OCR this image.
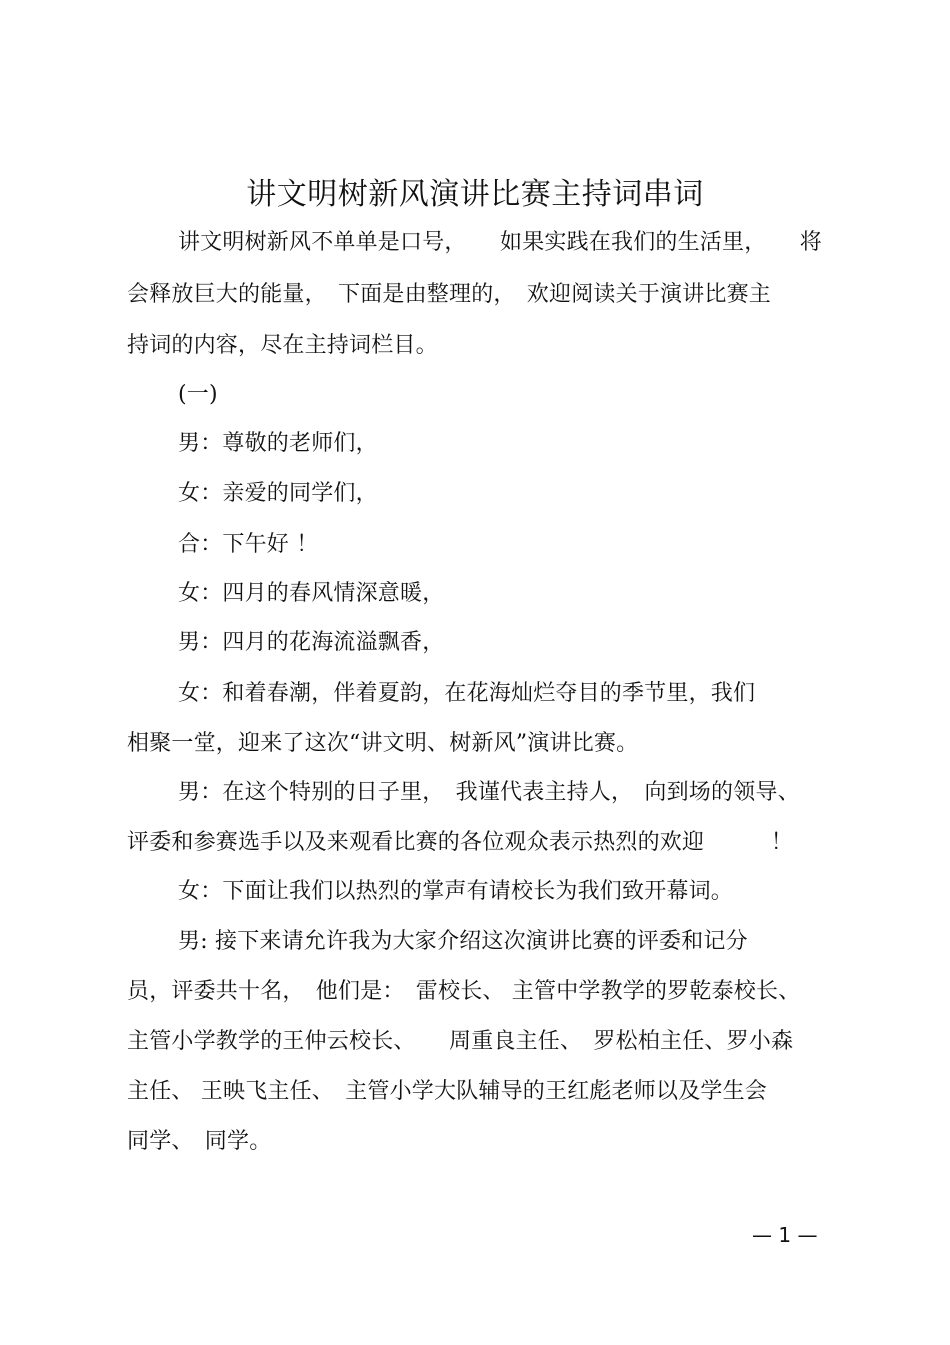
讲文明树新风演讲比赛主持词串词
讲文明树新风不单单是口号，　　如果实践在我们的生活里，　　将
会释放巨大的能量，　下面是由整理的，　欢迎阅读关于演讲比赛主
持词的内容，尽在主持词栏目。
(一)
男：尊敬的老师们，
女：亲爱的同学们，
合：下午好 ！
女：四月的春风情深意暖，
男：四月的花海流溢飘香，
女：和着春潮，伴着夏韵，在花海灿烂夺目的季节里，我们
相聚一堂，迎来了这次“讲文明、树新风”演讲比赛。
男：在这个特别的日子里，　我谨代表主持人，　向到场的领导、
评委和参赛选手以及来观看比赛的各位观众表示热烈的欢迎　　　！
女：下面让我们以热烈的掌声有请校长为我们致开幕词。
男: 接下来请允许我为大家介绍这次演讲比赛的评委和记分
员，评委共十名，　他们是：　雷校长、 主管中学教学的罗乾泰校长、
主管小学教学的王仲云校长、　　周重良主任、　罗松柏主任、罗小森
主任、 王映飞主任、　主管小学大队辅导的王红彪老师以及学生会
同学、　同学。
— 1 —
